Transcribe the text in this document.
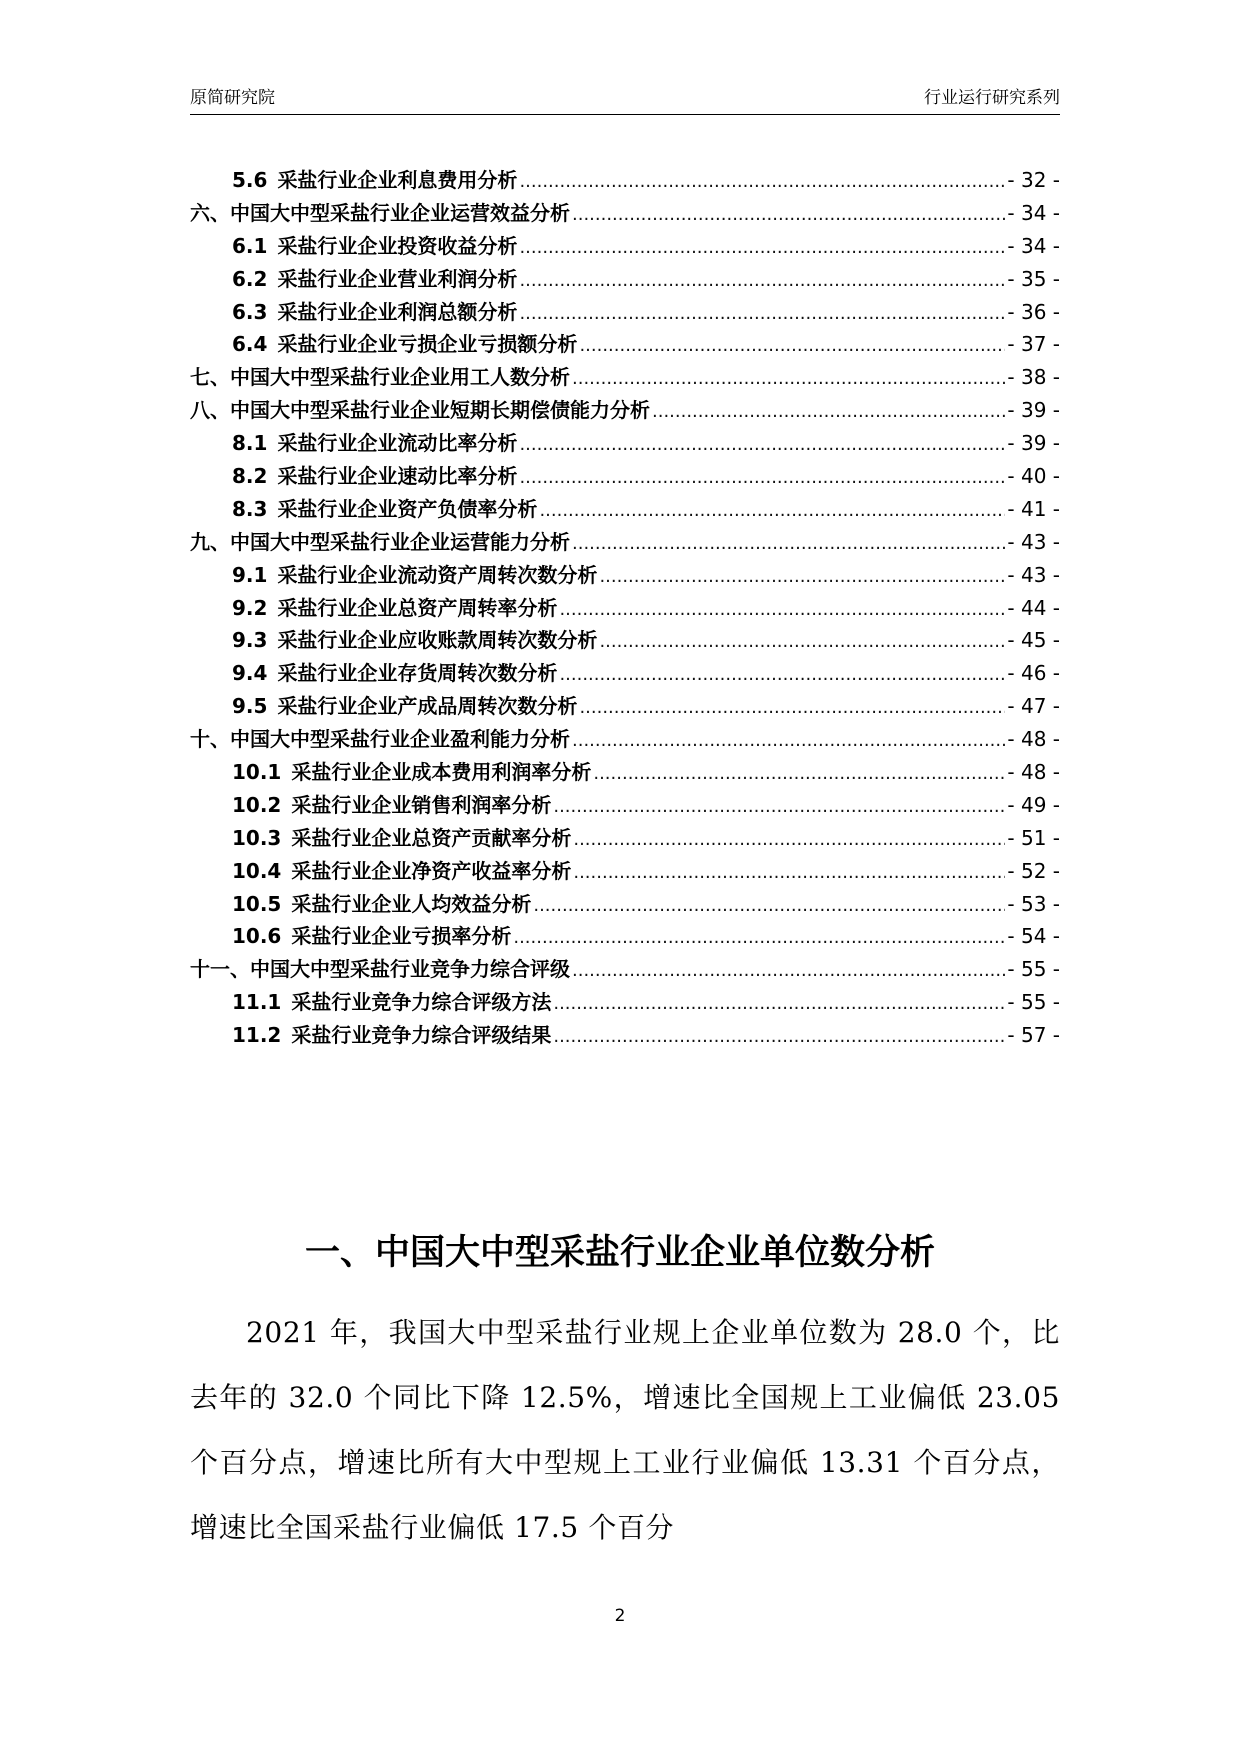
原简研究院	行业运行研究系列
5.6 采盐行业企业利息费用分析 .....	- 32 -
六、中国大中型采盐行业企业运营效益分析 .....	- 34 -
6.1 采盐行业企业投资收益分析 .....	- 34 -
6.2 采盐行业企业营业利润分析 .....	- 35 -
6.3 采盐行业企业利润总额分析 .....	- 36 -
6.4 采盐行业企业亏损企业亏损额分析 .....	- 37 -
七、中国大中型采盐行业企业用工人数分析 .....	- 38 -
八、中国大中型采盐行业企业短期长期偿债能力分析 .....	- 39 -
8.1 采盐行业企业流动比率分析 .....	- 39 -
8.2 采盐行业企业速动比率分析 .....	- 40 -
8.3 采盐行业企业资产负债率分析 .....	- 41 -
九、中国大中型采盐行业企业运营能力分析 .....	- 43 -
9.1 采盐行业企业流动资产周转次数分析 .....	- 43 -
9.2 采盐行业企业总资产周转率分析 .....	- 44 -
9.3 采盐行业企业应收账款周转次数分析 .....	- 45 -
9.4 采盐行业企业存货周转次数分析 .....	- 46 -
9.5 采盐行业企业产成品周转次数分析 .....	- 47 -
十、中国大中型采盐行业企业盈利能力分析 .....	- 48 -
10.1 采盐行业企业成本费用利润率分析 .....	- 48 -
10.2 采盐行业企业销售利润率分析 .....	- 49 -
10.3 采盐行业企业总资产贡献率分析 .....	- 51 -
10.4 采盐行业企业净资产收益率分析 .....	- 52 -
10.5 采盐行业企业人均效益分析 .....	- 53 -
10.6 采盐行业企业亏损率分析 .....	- 54 -
十一、中国大中型采盐行业竞争力综合评级 .....	- 55 -
11.1 采盐行业竞争力综合评级方法 .....	- 55 -
11.2 采盐行业竞争力综合评级结果 .....	- 57 -
一、中国大中型采盐行业企业单位数分析

2021 年，我国大中型采盐行业规上企业单位数为 28.0 个，比去年的 32.0 个同比下降 12.5%，增速比全国规上工业偏低 23.05 个百分点，增速比所有大中型规上工业行业偏低 13.31 个百分点，增速比全国采盐行业偏低 17.5 个百分

2
